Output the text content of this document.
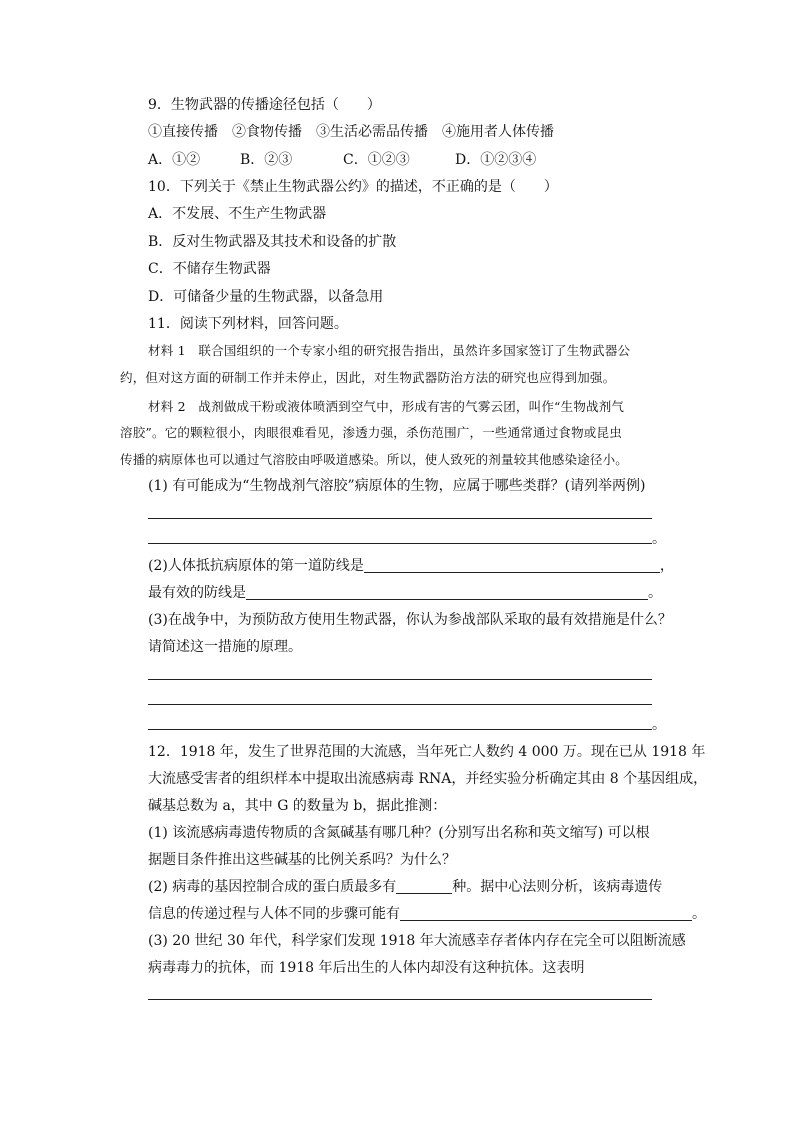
9．生物武器的传播途径包括（　　）
①直接传播　②食物传播　③生活必需品传播　④施用者人体传播
A．①②	B．②③	C．①②③	D．①②③④
10．下列关于《禁止生物武器公约》的描述，不正确的是（　　）
A．不发展、不生产生物武器
B．反对生物武器及其技术和设备的扩散
C．不储存生物武器
D．可储备少量的生物武器，以备急用
11．阅读下列材料，回答问题。
材料 1　联合国组织的一个专家小组的研究报告指出，虽然许多国家签订了生物武器公
约，但对这方面的研制工作并未停止，因此，对生物武器防治方法的研究也应得到加强。
材料 2　战剂做成干粉或液体喷洒到空气中，形成有害的气雾云团，叫作“生物战剂气
溶胶”。它的颗粒很小，肉眼很难看见，渗透力强，杀伤范围广，一些通常通过食物或昆虫
传播的病原体也可以通过气溶胶由呼吸道感染。所以，使人致死的剂量较其他感染途径小。
(1) 有可能成为“生物战剂气溶胶”病原体的生物，应属于哪些类群？(请列举两例)
。
(2)人体抵抗病原体的第一道防线是	，
最有效的防线是	。
(3)在战争中，为预防敌方使用生物武器，你认为参战部队采取的最有效措施是什么？
请简述这一措施的原理。
。
12．1918 年，发生了世界范围的大流感，当年死亡人数约 4 000 万。现在已从 1918 年
大流感受害者的组织样本中提取出流感病毒 RNA，并经实验分析确定其由 8 个基因组成，
碱基总数为 a，其中 G 的数量为 b，据此推测：
(1) 该流感病毒遗传物质的含氮碱基有哪几种？(分别写出名称和英文缩写) 可以根
据题目条件推出这些碱基的比例关系吗？为什么？
(2) 病毒的基因控制合成的蛋白质最多有	种。据中心法则分析，该病毒遗传
信息的传递过程与人体不同的步骤可能有	。
(3) 20 世纪 30 年代，科学家们发现 1918 年大流感幸存者体内存在完全可以阻断流感
病毒毒力的抗体，而 1918 年后出生的人体内却没有这种抗体。这表明
